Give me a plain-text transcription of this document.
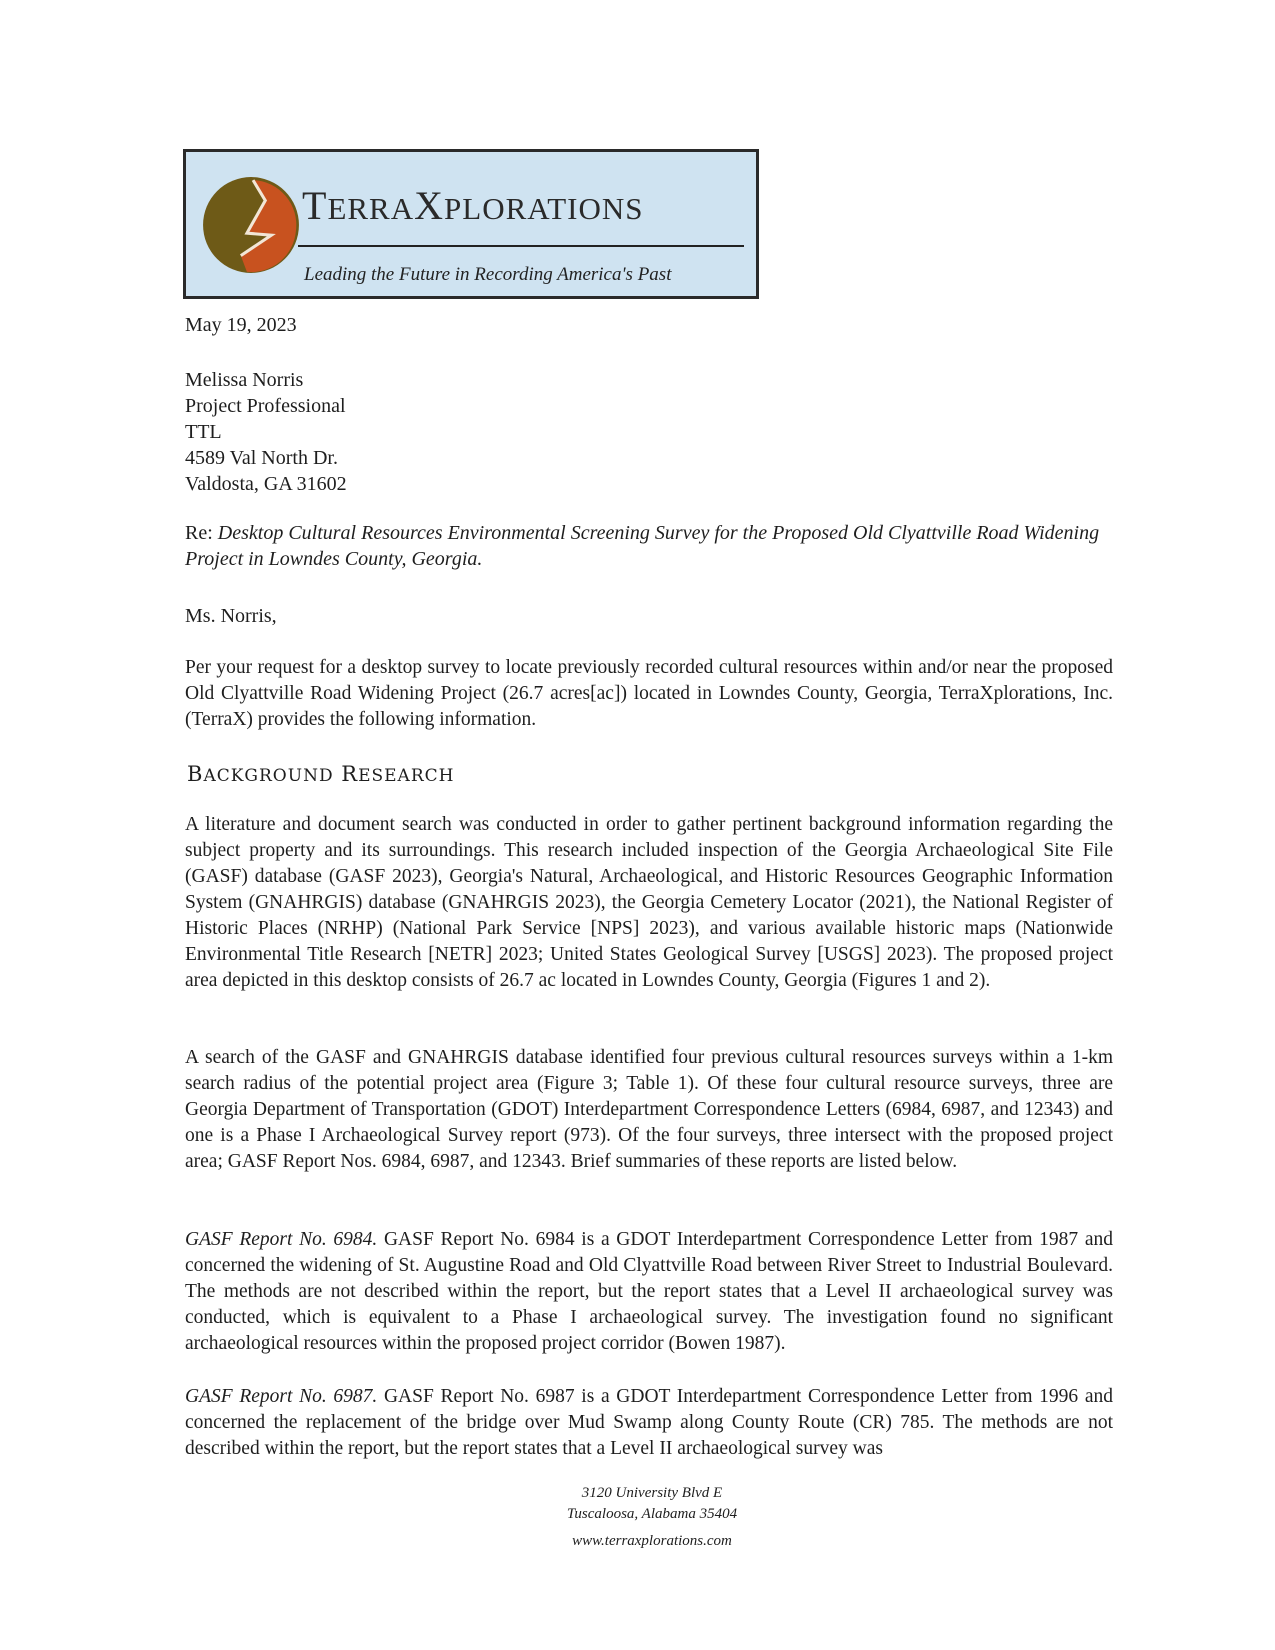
TERRAXPLORATIONS
Leading the Future in Recording America's Past
May 19, 2023
Melissa Norris
Project Professional
TTL
4589 Val North Dr.
Valdosta, GA 31602
Re: Desktop Cultural Resources Environmental Screening Survey for the Proposed Old Clyattville Road Widening Project in Lowndes County, Georgia.
Ms. Norris,
Per your request for a desktop survey to locate previously recorded cultural resources within and/or near the proposed Old Clyattville Road Widening Project (26.7 acres[ac]) located in Lowndes County, Georgia, TerraXplorations, Inc. (TerraX) provides the following information.
BACKGROUND RESEARCH
A literature and document search was conducted in order to gather pertinent background information regarding the subject property and its surroundings. This research included inspection of the Georgia Archaeological Site File (GASF) database (GASF 2023), Georgia's Natural, Archaeological, and Historic Resources Geographic Information System (GNAHRGIS) database (GNAHRGIS 2023), the Georgia Cemetery Locator (2021), the National Register of Historic Places (NRHP) (National Park Service [NPS] 2023), and various available historic maps (Nationwide Environmental Title Research [NETR] 2023; United States Geological Survey [USGS] 2023). The proposed project area depicted in this desktop consists of 26.7 ac located in Lowndes County, Georgia (Figures 1 and 2).
A search of the GASF and GNAHRGIS database identified four previous cultural resources surveys within a 1-km search radius of the potential project area (Figure 3; Table 1). Of these four cultural resource surveys, three are Georgia Department of Transportation (GDOT) Interdepartment Correspondence Letters (6984, 6987, and 12343) and one is a Phase I Archaeological Survey report (973). Of the four surveys, three intersect with the proposed project area; GASF Report Nos. 6984, 6987, and 12343. Brief summaries of these reports are listed below.
GASF Report No. 6984. GASF Report No. 6984 is a GDOT Interdepartment Correspondence Letter from 1987 and concerned the widening of St. Augustine Road and Old Clyattville Road between River Street to Industrial Boulevard. The methods are not described within the report, but the report states that a Level II archaeological survey was conducted, which is equivalent to a Phase I archaeological survey. The investigation found no significant archaeological resources within the proposed project corridor (Bowen 1987).
GASF Report No. 6987. GASF Report No. 6987 is a GDOT Interdepartment Correspondence Letter from 1996 and concerned the replacement of the bridge over Mud Swamp along County Route (CR) 785. The methods are not described within the report, but the report states that a Level II archaeological survey was
3120 University Blvd E
Tuscaloosa, Alabama 35404
www.terraxplorations.com
